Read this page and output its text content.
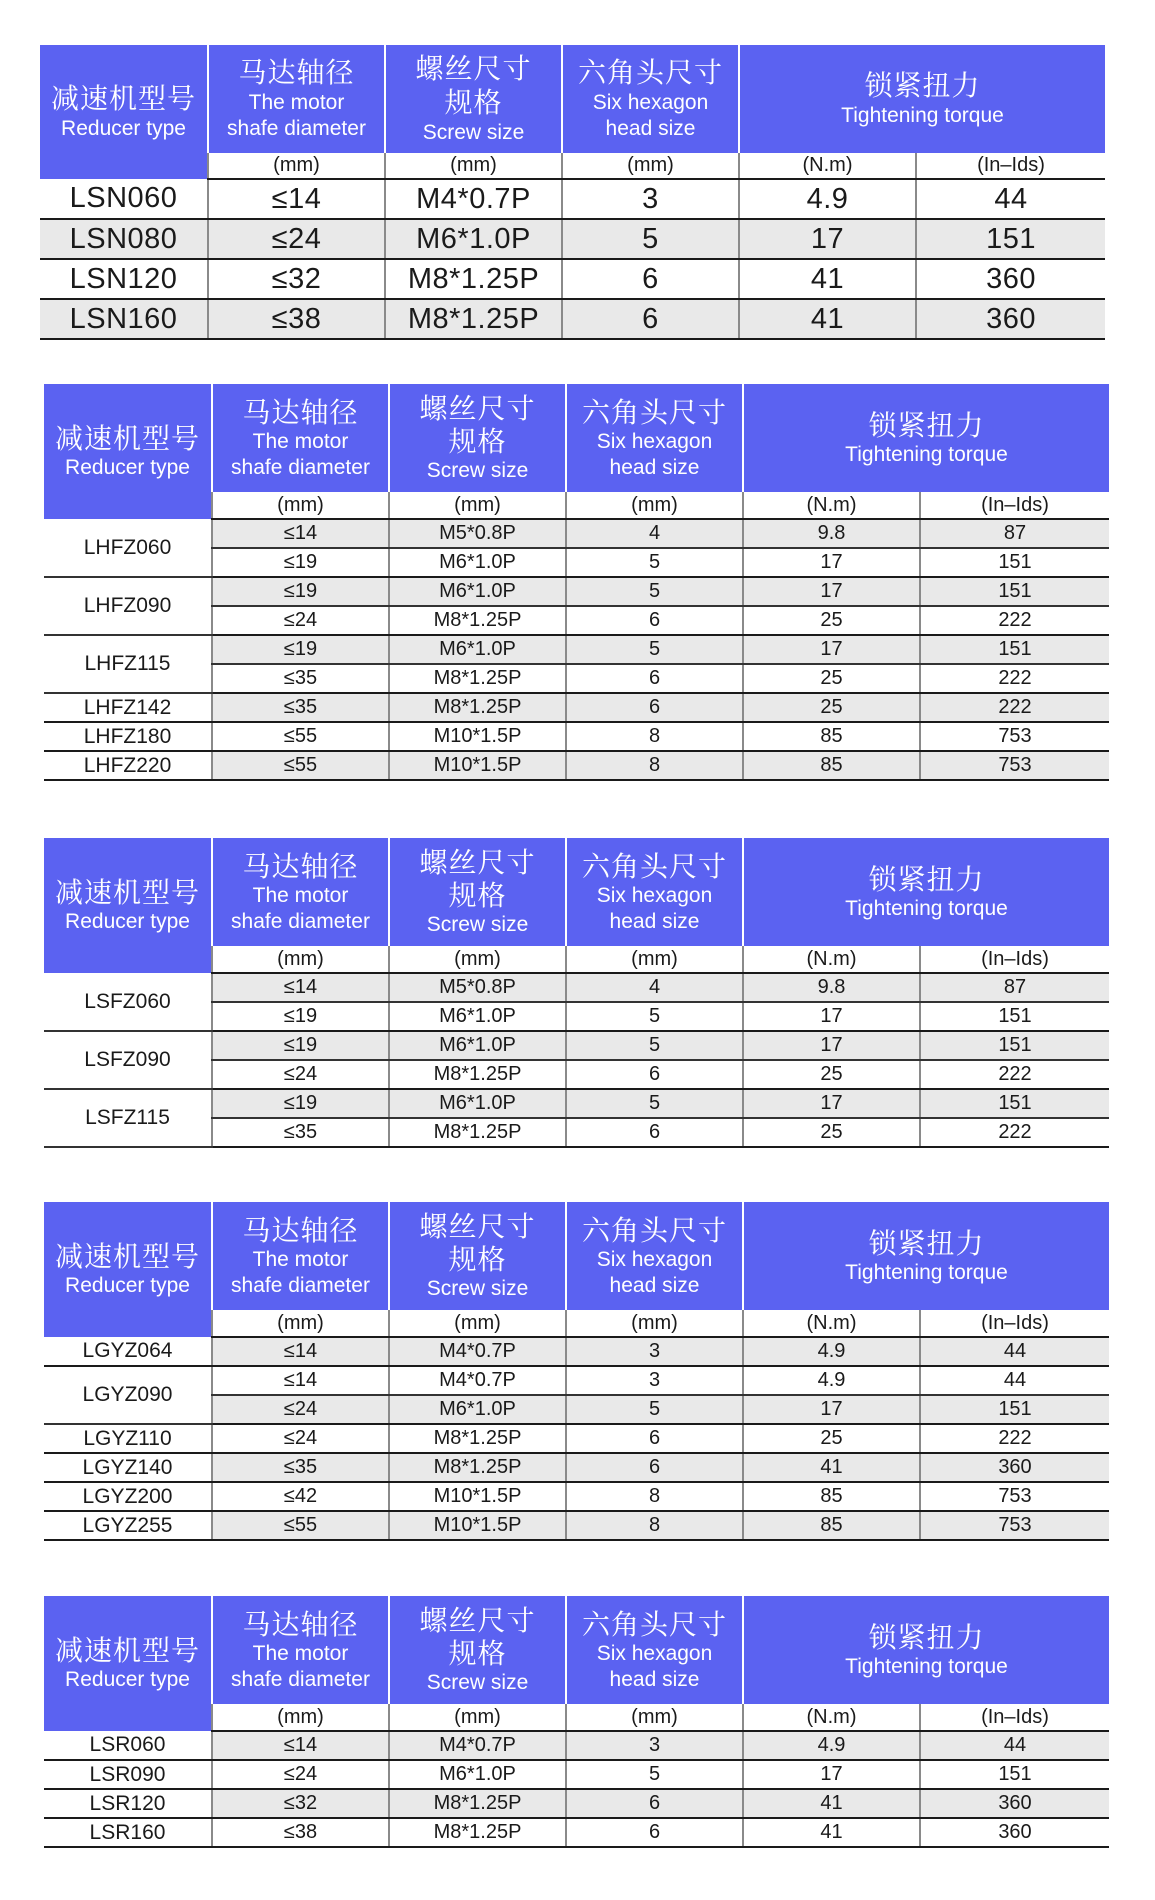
减速机型号
Reducer type	马达轴径
The motor
shafe diameter	螺丝尺寸
规格
Screw size	六角头尺寸
Six hexagon
head size	锁紧扭力
Tightening torque	

	(mm)	(mm)	(mm)	(N.m)	(In–Ids)
LSN060	≤14	M4*0.7P	3	4.9	44
LSN080	≤24	M6*1.0P	5	17	151
LSN120	≤32	M8*1.25P	6	41	360
LSN160	≤38	M8*1.25P	6	41	360
减速机型号
Reducer type	马达轴径
The motor
shafe diameter	螺丝尺寸
规格
Screw size	六角头尺寸
Six hexagon
head size	锁紧扭力
Tightening torque	

	(mm)	(mm)	(mm)	(N.m)	(In–Ids)
LHFZ060	≤14	M5*0.8P	4	9.8	87
	≤19	M6*1.0P	5	17	151
LHFZ090	≤19	M6*1.0P	5	17	151
	≤24	M8*1.25P	6	25	222
LHFZ115	≤19	M6*1.0P	5	17	151
	≤35	M8*1.25P	6	25	222
LHFZ142	≤35	M8*1.25P	6	25	222
LHFZ180	≤55	M10*1.5P	8	85	753
LHFZ220	≤55	M10*1.5P	8	85	753
减速机型号
Reducer type	马达轴径
The motor
shafe diameter	螺丝尺寸
规格
Screw size	六角头尺寸
Six hexagon
head size	锁紧扭力
Tightening torque	

	(mm)	(mm)	(mm)	(N.m)	(In–Ids)
LSFZ060	≤14	M5*0.8P	4	9.8	87
	≤19	M6*1.0P	5	17	151
LSFZ090	≤19	M6*1.0P	5	17	151
	≤24	M8*1.25P	6	25	222
LSFZ115	≤19	M6*1.0P	5	17	151
	≤35	M8*1.25P	6	25	222
减速机型号
Reducer type	马达轴径
The motor
shafe diameter	螺丝尺寸
规格
Screw size	六角头尺寸
Six hexagon
head size	锁紧扭力
Tightening torque	

	(mm)	(mm)	(mm)	(N.m)	(In–Ids)
LGYZ064	≤14	M4*0.7P	3	4.9	44
LGYZ090	≤14	M4*0.7P	3	4.9	44
	≤24	M6*1.0P	5	17	151
LGYZ110	≤24	M8*1.25P	6	25	222
LGYZ140	≤35	M8*1.25P	6	41	360
LGYZ200	≤42	M10*1.5P	8	85	753
LGYZ255	≤55	M10*1.5P	8	85	753
减速机型号
Reducer type	马达轴径
The motor
shafe diameter	螺丝尺寸
规格
Screw size	六角头尺寸
Six hexagon
head size	锁紧扭力
Tightening torque	

	(mm)	(mm)	(mm)	(N.m)	(In–Ids)
LSR060	≤14	M4*0.7P	3	4.9	44
LSR090	≤24	M6*1.0P	5	17	151
LSR120	≤32	M8*1.25P	6	41	360
LSR160	≤38	M8*1.25P	6	41	360
